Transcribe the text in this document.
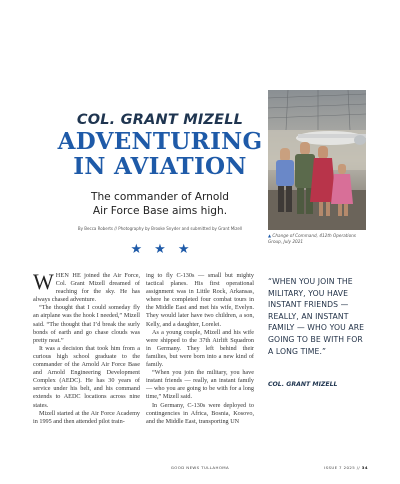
COL. GRANT MIZELL
ADVENTURING
IN AVIATION
The commander of Arnold
Air Force Base aims high.
By Becca Roberts // Photography by Brooke Snyder and submitted by Grant Mizell
★ ★ ★
▲ Change of Command, 412th Operations
Group, July 2021

WHEN HE joined the Air Force, Col. Grant Mizell dreamed of reaching for the sky. He has always chased adventure.

“The thought that I could someday fly an airplane was the hook I needed,” Mizell said. “The thought that I’d break the surly bonds of earth and go chase clouds was pretty neat.”

It was a decision that took him from a curious high school graduate to the commander of the Arnold Air Force Base and Arnold Engineering Development Complex (AEDC). He has 30 years of service under his belt, and his command extends to AEDC locations across nine states.

Mizell started at the Air Force Academy in 1995 and then attended pilot train-

ing to fly C-130s — small but mighty tactical planes. His first operational assignment was in Little Rock, Arkansas, where he completed four combat tours in the Middle East and met his wife, Evelyn. They would later have two children, a son, Kelly, and a daughter, Lorelei.

As a young couple, Mizell and his wife were shipped to the 37th Airlift Squadron in Germany. They left behind their families, but were born into a new kind of family.

“When you join the military, you have instant friends — really, an instant family — who you are going to be with for a long time,” Mizell said.

In Germany, C-130s were deployed to contingencies in Africa, Bosnia, Kosovo, and the Middle East, transporting UN

“WHEN YOU JOIN THE MILITARY, YOU HAVE INSTANT FRIENDS — REALLY, AN INSTANT FAMILY — WHO YOU ARE GOING TO BE WITH FOR A LONG TIME.”
COL. GRANT MIZELL
GOOD NEWS TULLAHOMA	ISSUE 7 2025 // 34
